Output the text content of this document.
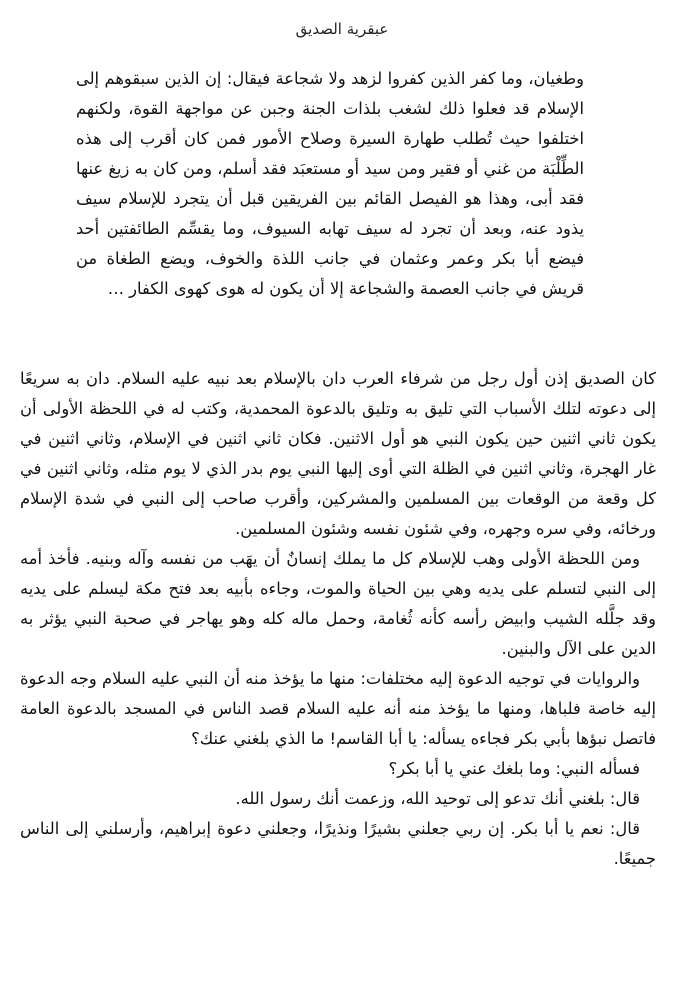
عبقرية الصديق
وطغيان، وما كفر الذين كفروا لزهد ولا شجاعة فيقال: إن الذين سبقوهم إلى الإسلام قد فعلوا ذلك لشغب بلذات الجنة وجبن عن مواجهة القوة، ولكنهم اختلفوا حيث تُطلب طهارة السيرة وصلاح الأمور فمن كان أقرب إلى هذه الطِّلْبَة من غني أو فقير ومن سيد أو مستعبَد فقد أسلم، ومن كان به زيغ عنها فقد أبى، وهذا هو الفيصل القائم بين الفريقين قبل أن يتجرد للإسلام سيف يذود عنه، وبعد أن تجرد له سيف تهابه السيوف، وما يقسِّم الطائفتين أحد فيضع أبا بكر وعمر وعثمان في جانب اللذة والخوف، ويضع الطغاة من قريش في جانب العصمة والشجاعة إلا أن يكون له هوى كهوى الكفار …

كان الصديق إذن أول رجل من شرفاء العرب دان بالإسلام بعد نبيه عليه السلام. دان به سريعًا إلى دعوته لتلك الأسباب التي تليق به وتليق بالدعوة المحمدية، وكتب له في اللحظة الأولى أن يكون ثاني اثنين حين يكون النبي هو أول الاثنين. فكان ثاني اثنين في الإسلام، وثاني اثنين في غار الهجرة، وثاني اثنين في الظلة التي أوى إليها النبي يوم بدر الذي لا يوم مثله، وثاني اثنين في كل وقعة من الوقعات بين المسلمين والمشركين، وأقرب صاحب إلى النبي في شدة الإسلام ورخائه، وفي سره وجهره، وفي شئون نفسه وشئون المسلمين.

ومن اللحظة الأولى وهب للإسلام كل ما يملك إنسانٌ أن يهَب من نفسه وآله وبنيه. فأخذ أمه إلى النبي لتسلم على يديه وهي بين الحياة والموت، وجاءه بأبيه بعد فتح مكة ليسلم على يديه وقد جلَّله الشيب وابيض رأسه كأنه ثُغامة، وحمل ماله كله وهو يهاجر في صحبة النبي يؤثر به الدين على الآل والبنين.

والروايات في توجيه الدعوة إليه مختلفات: منها ما يؤخذ منه أن النبي عليه السلام وجه الدعوة إليه خاصة فلباها، ومنها ما يؤخذ منه أنه عليه السلام قصد الناس في المسجد بالدعوة العامة فاتصل نبؤها بأبي بكر فجاءه يسأله: يا أبا القاسم! ما الذي بلغني عنك؟

فسأله النبي: وما بلغك عني يا أبا بكر؟

قال: بلغني أنك تدعو إلى توحيد الله، وزعمت أنك رسول الله.

قال: نعم يا أبا بكر. إن ربي جعلني بشيرًا ونذيرًا، وجعلني دعوة إبراهيم، وأرسلني إلى الناس جميعًا.
